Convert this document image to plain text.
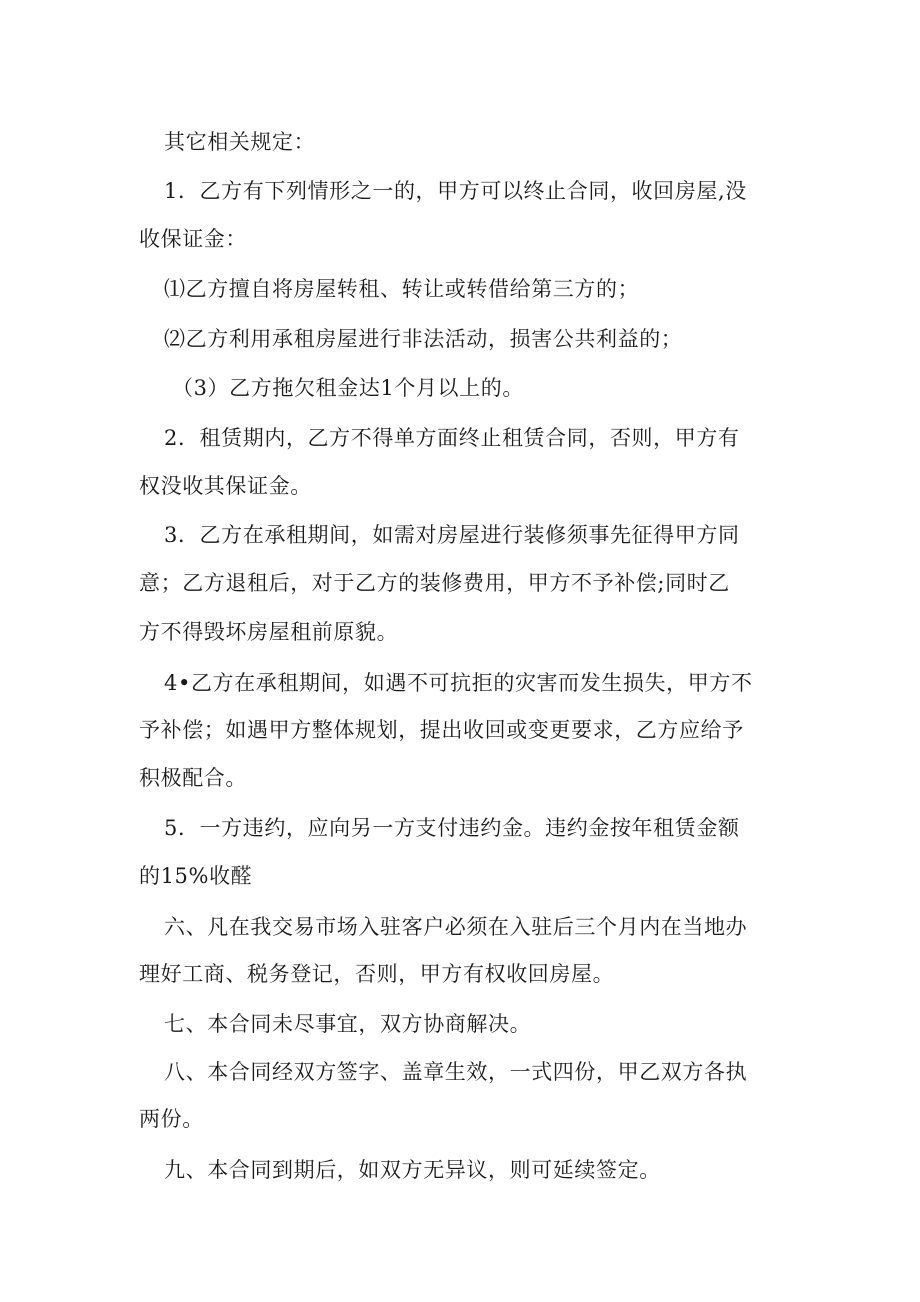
其它相关规定：
1．乙方有下列情形之一的，甲方可以终止合同，收回房屋,没
收保证金：
⑴乙方擅自将房屋转租、转让或转借给第三方的；
⑵乙方利用承租房屋进行非法活动，损害公共利益的；
（3）乙方拖欠租金达1个月以上的。
2．租赁期内，乙方不得单方面终止租赁合同，否则，甲方有
权没收其保证金。
3．乙方在承租期间，如需对房屋进行装修须事先征得甲方同
意；乙方退租后，对于乙方的装修费用，甲方不予补偿;同时乙
方不得毁坏房屋租前原貌。
4•乙方在承租期间，如遇不可抗拒的灾害而发生损失，甲方不
予补偿；如遇甲方整体规划，提出收回或变更要求，乙方应给予
积极配合。
5．一方违约，应向另一方支付违约金。违约金按年租赁金额
的15%收醛
六、凡在我交易市场入驻客户必须在入驻后三个月内在当地办
理好工商、税务登记，否则，甲方有权收回房屋。
七、本合同未尽事宜，双方协商解决。
八、本合同经双方签字、盖章生效，一式四份，甲乙双方各执
两份。
九、本合同到期后，如双方无异议，则可延续签定。
